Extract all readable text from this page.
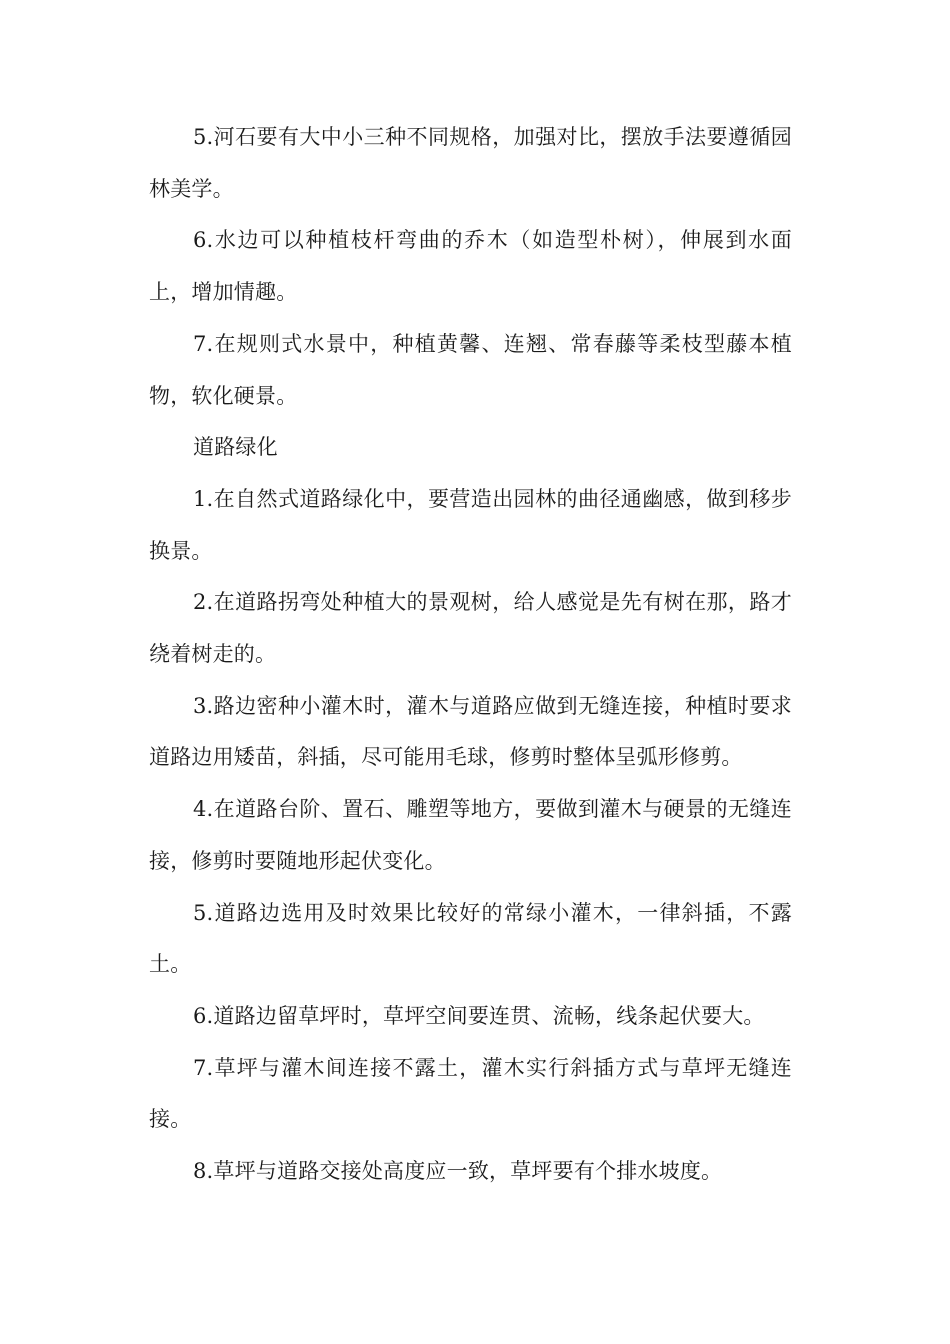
5.河石要有大中小三种不同规格，加强对比，摆放手法要遵循园林美学。

6.水边可以种植枝杆弯曲的乔木（如造型朴树），伸展到水面上，增加情趣。

7.在规则式水景中，种植黄馨、连翘、常春藤等柔枝型藤本植物，软化硬景。

道路绿化

1.在自然式道路绿化中，要营造出园林的曲径通幽感，做到移步换景。

2.在道路拐弯处种植大的景观树，给人感觉是先有树在那，路才绕着树走的。

3.路边密种小灌木时，灌木与道路应做到无缝连接，种植时要求道路边用矮苗，斜插，尽可能用毛球，修剪时整体呈弧形修剪。

4.在道路台阶、置石、雕塑等地方，要做到灌木与硬景的无缝连接，修剪时要随地形起伏变化。

5.道路边选用及时效果比较好的常绿小灌木，一律斜插，不露土。

6.道路边留草坪时，草坪空间要连贯、流畅，线条起伏要大。

7.草坪与灌木间连接不露土，灌木实行斜插方式与草坪无缝连接。

8.草坪与道路交接处高度应一致，草坪要有个排水坡度。
